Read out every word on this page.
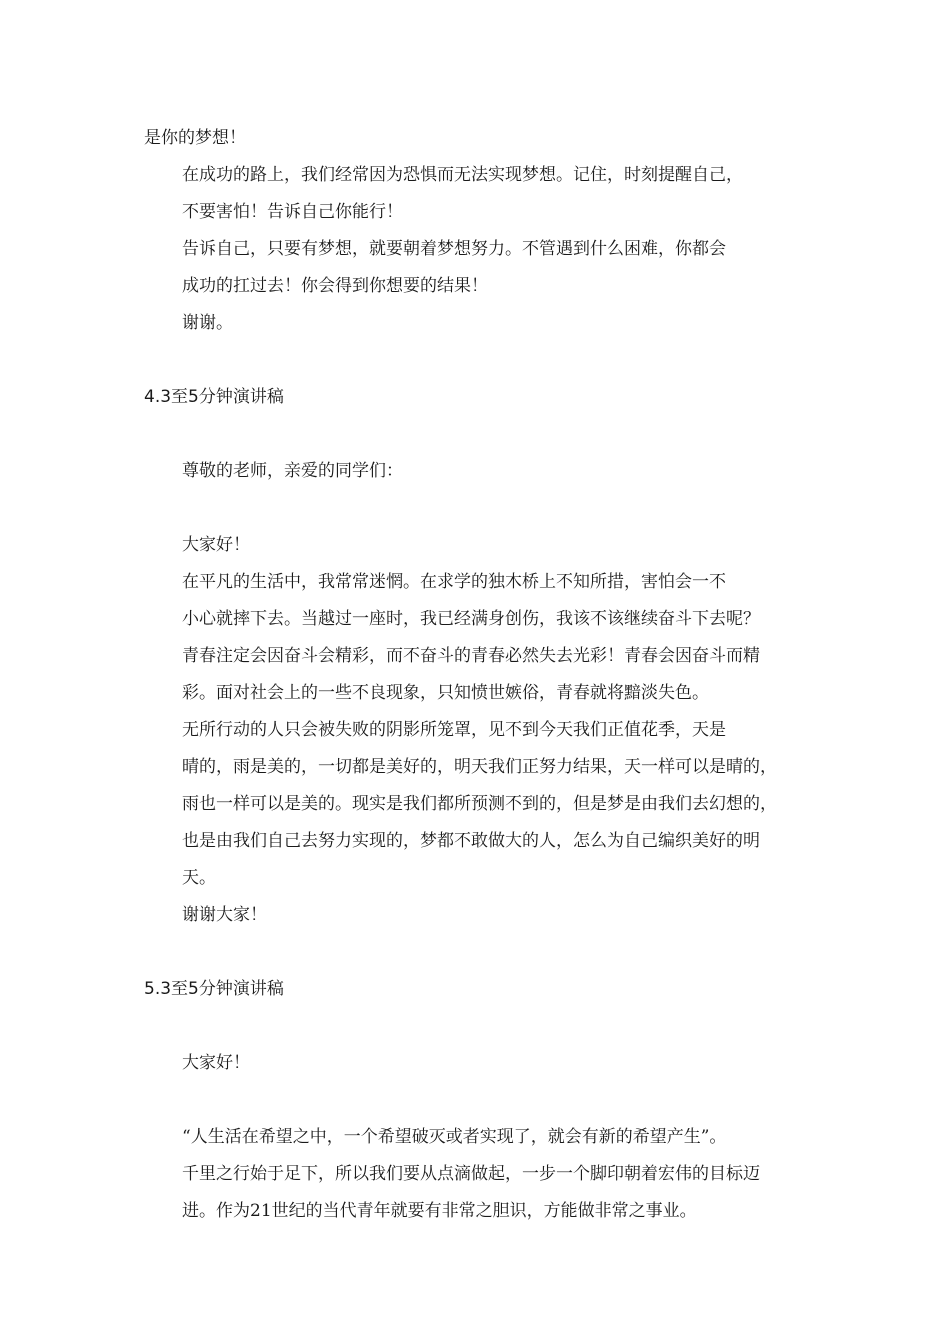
是你的梦想！

在成功的路上，我们经常因为恐惧而无法实现梦想。记住，时刻提醒自己，
不要害怕！告诉自己你能行！

告诉自己，只要有梦想，就要朝着梦想努力。不管遇到什么困难，你都会
成功的扛过去！你会得到你想要的结果！

谢谢。

4.3至5分钟演讲稿

尊敬的老师，亲爱的同学们：

大家好！

在平凡的生活中，我常常迷惘。在求学的独木桥上不知所措，害怕会一不
小心就摔下去。当越过一座时，我已经满身创伤，我该不该继续奋斗下去呢？
青春注定会因奋斗会精彩，而不奋斗的青春必然失去光彩！青春会因奋斗而精
彩。面对社会上的一些不良现象，只知愤世嫉俗，青春就将黯淡失色。

无所行动的人只会被失败的阴影所笼罩，见不到今天我们正值花季，天是
晴的，雨是美的，一切都是美好的，明天我们正努力结果，天一样可以是晴的，
雨也一样可以是美的。现实是我们都所预测不到的，但是梦是由我们去幻想的，
也是由我们自己去努力实现的，梦都不敢做大的人，怎么为自己编织美好的明
天。

谢谢大家！

5.3至5分钟演讲稿

大家好！

“人生活在希望之中，一个希望破灭或者实现了，就会有新的希望产生”。
千里之行始于足下，所以我们要从点滴做起，一步一个脚印朝着宏伟的目标迈
进。作为21世纪的当代青年就要有非常之胆识，方能做非常之事业。
